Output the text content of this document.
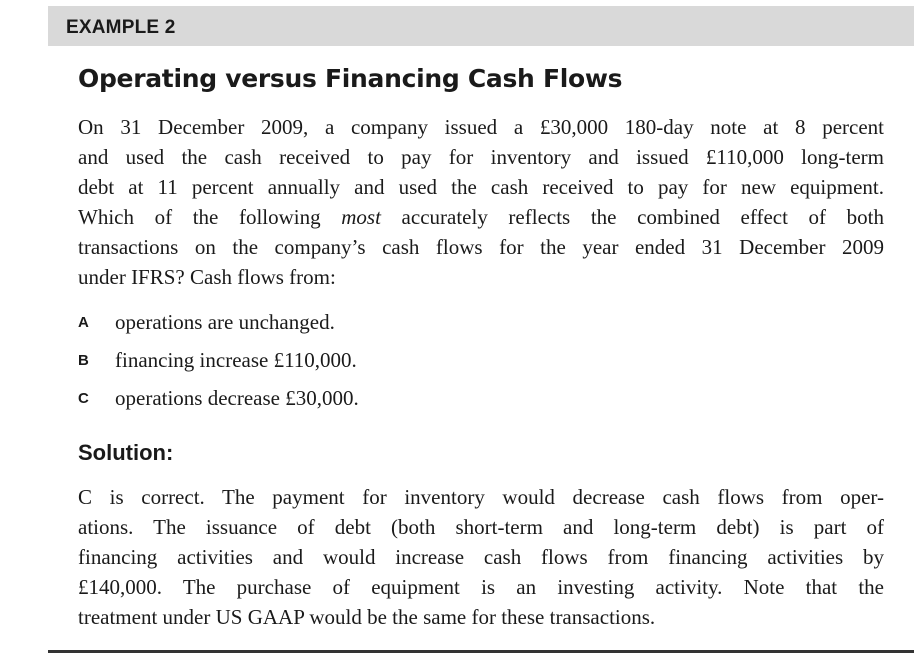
EXAMPLE 2
Operating versus Financing Cash Flows
On 31 December 2009, a company issued a £30,000 180-day note at 8 percent
and used the cash received to pay for inventory and issued £110,000 long-term
debt at 11 percent annually and used the cash received to pay for new equipment.
Which of the following most accurately reflects the combined effect of both
transactions on the company’s cash flows for the year ended 31 December 2009
under IFRS? Cash flows from:
A operations are unchanged.
B financing increase £110,000.
C operations decrease £30,000.
Solution:
C is correct. The payment for inventory would decrease cash flows from oper-
ations. The issuance of debt (both short-term and long-term debt) is part of
financing activities and would increase cash flows from financing activities by
£140,000. The purchase of equipment is an investing activity. Note that the
treatment under US GAAP would be the same for these transactions.
